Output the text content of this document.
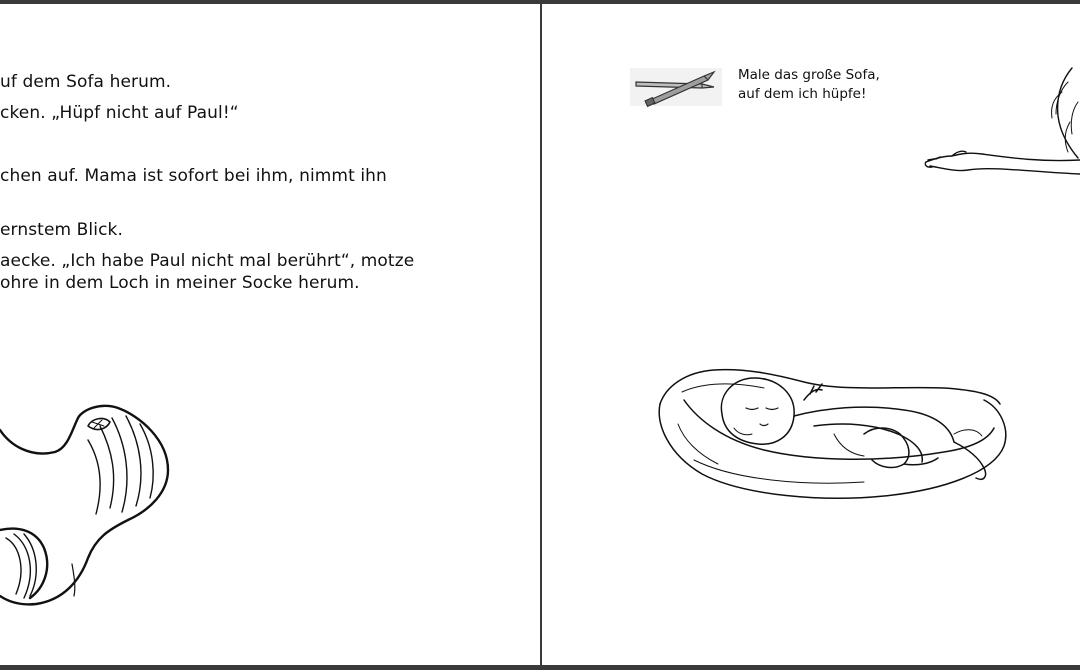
uf dem Sofa herum.
cken. „Hüpf nicht auf Paul!“
chen auf. Mama ist sofort bei ihm, nimmt ihn
ernstem Blick.
aecke. „Ich habe Paul nicht mal berührt“, motze
ohre in dem Loch in meiner Socke herum.
Male das große Sofa,
auf dem ich hüpfe!
